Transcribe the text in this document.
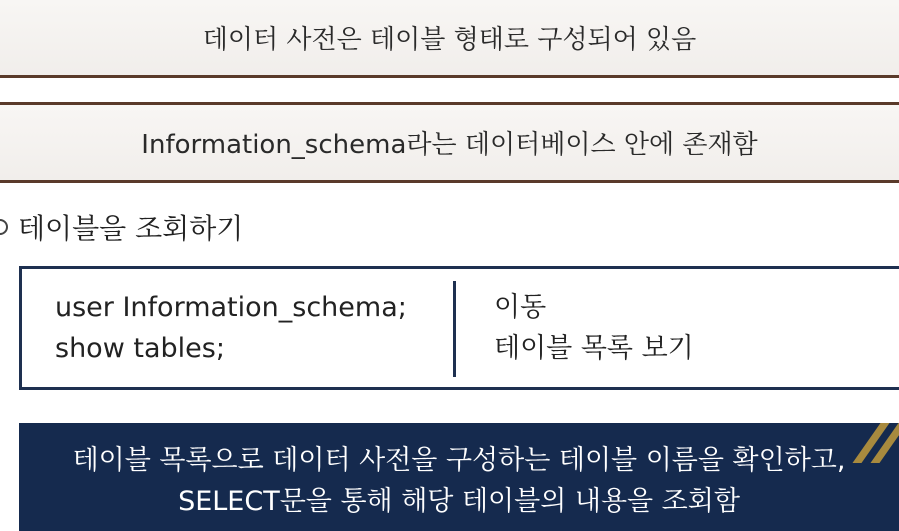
데이터 사전은 테이블 형태로 구성되어 있음
Information_schema라는 데이터베이스 안에 존재함
테이블을 조회하기
user Information_schema;
show tables;
이동
테이블 목록 보기
테이블 목록으로 데이터 사전을 구성하는 테이블 이름을 확인하고,
SELECT문을 통해 해당 테이블의 내용을 조회함
